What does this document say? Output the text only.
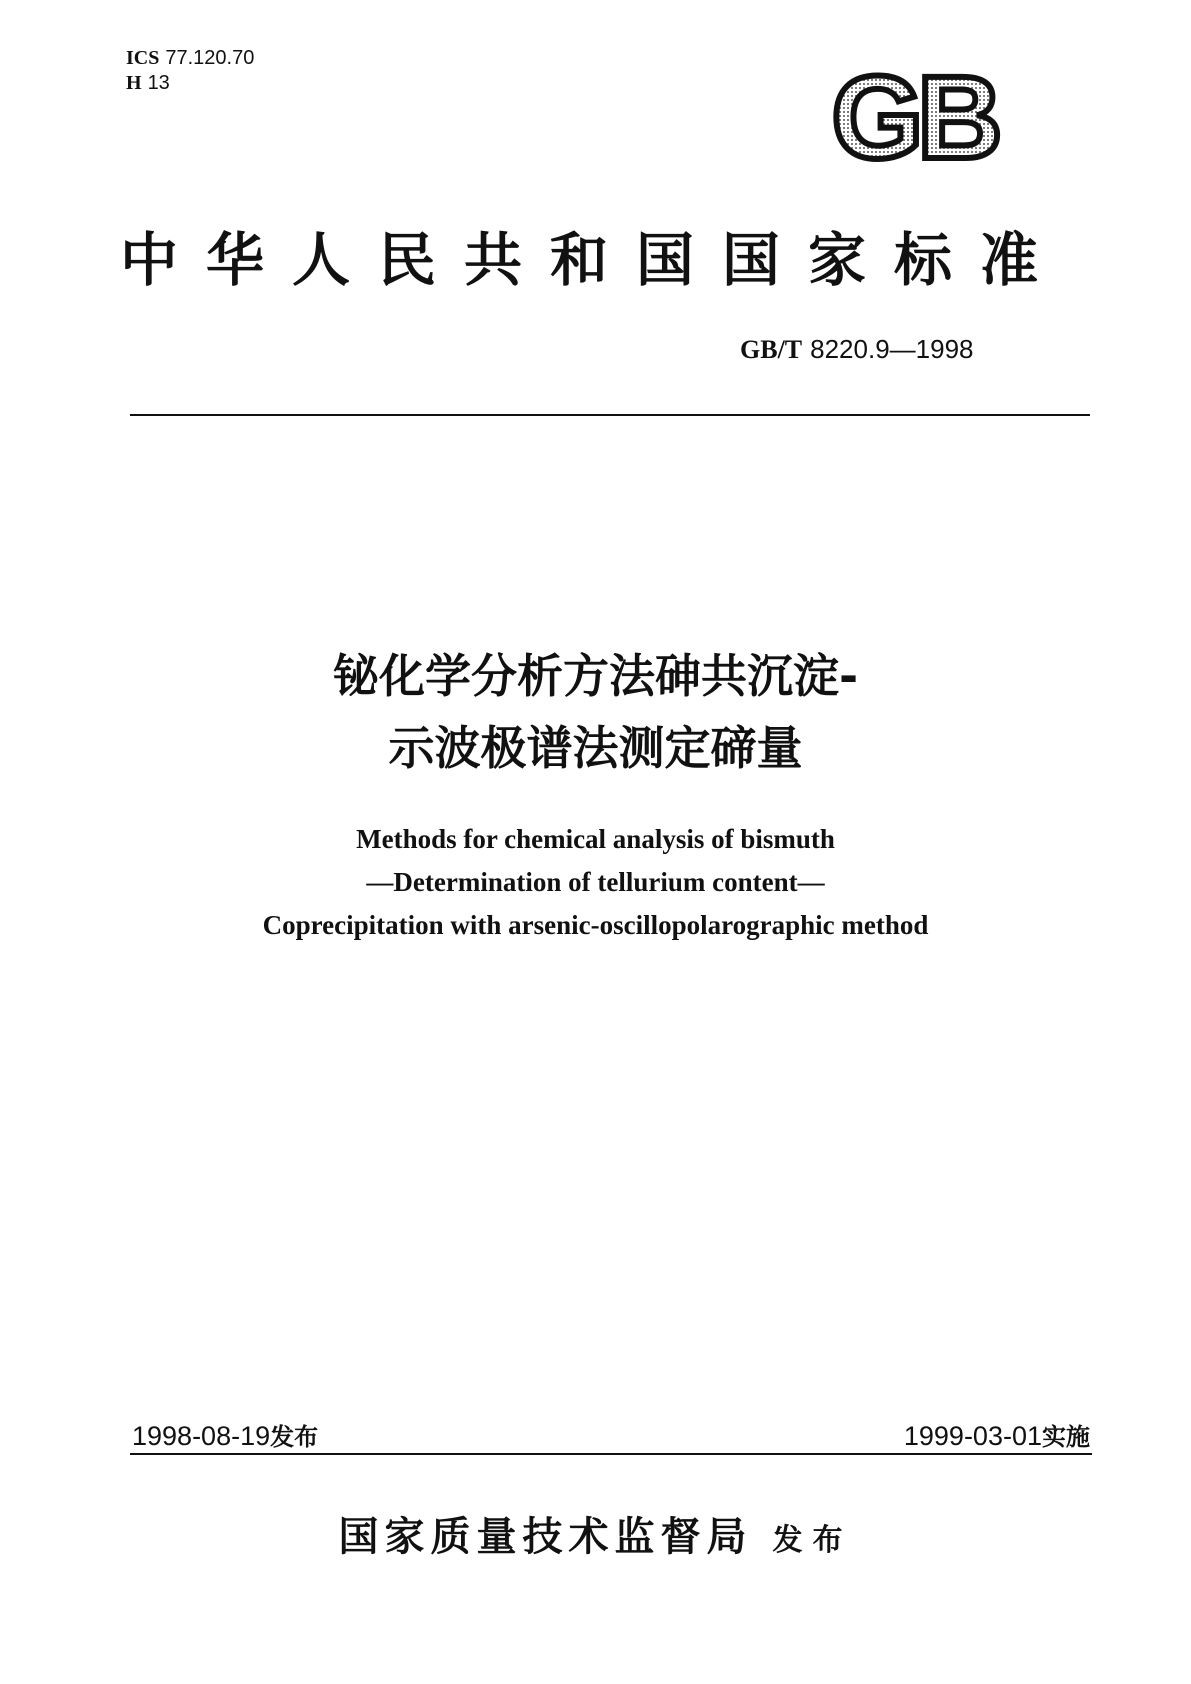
ICS 77.120.70
H 13	GB
中华人民共和国国家标准
GB/T 8220.9—1998
铋化学分析方法砷共沉淀-
示波极谱法测定碲量
Methods for chemical analysis of bismuth
—Determination of tellurium content—
Coprecipitation with arsenic-oscillopolarographic method
1998-08-19发布	1999-03-01实施
国家质量技术监督局 发布
